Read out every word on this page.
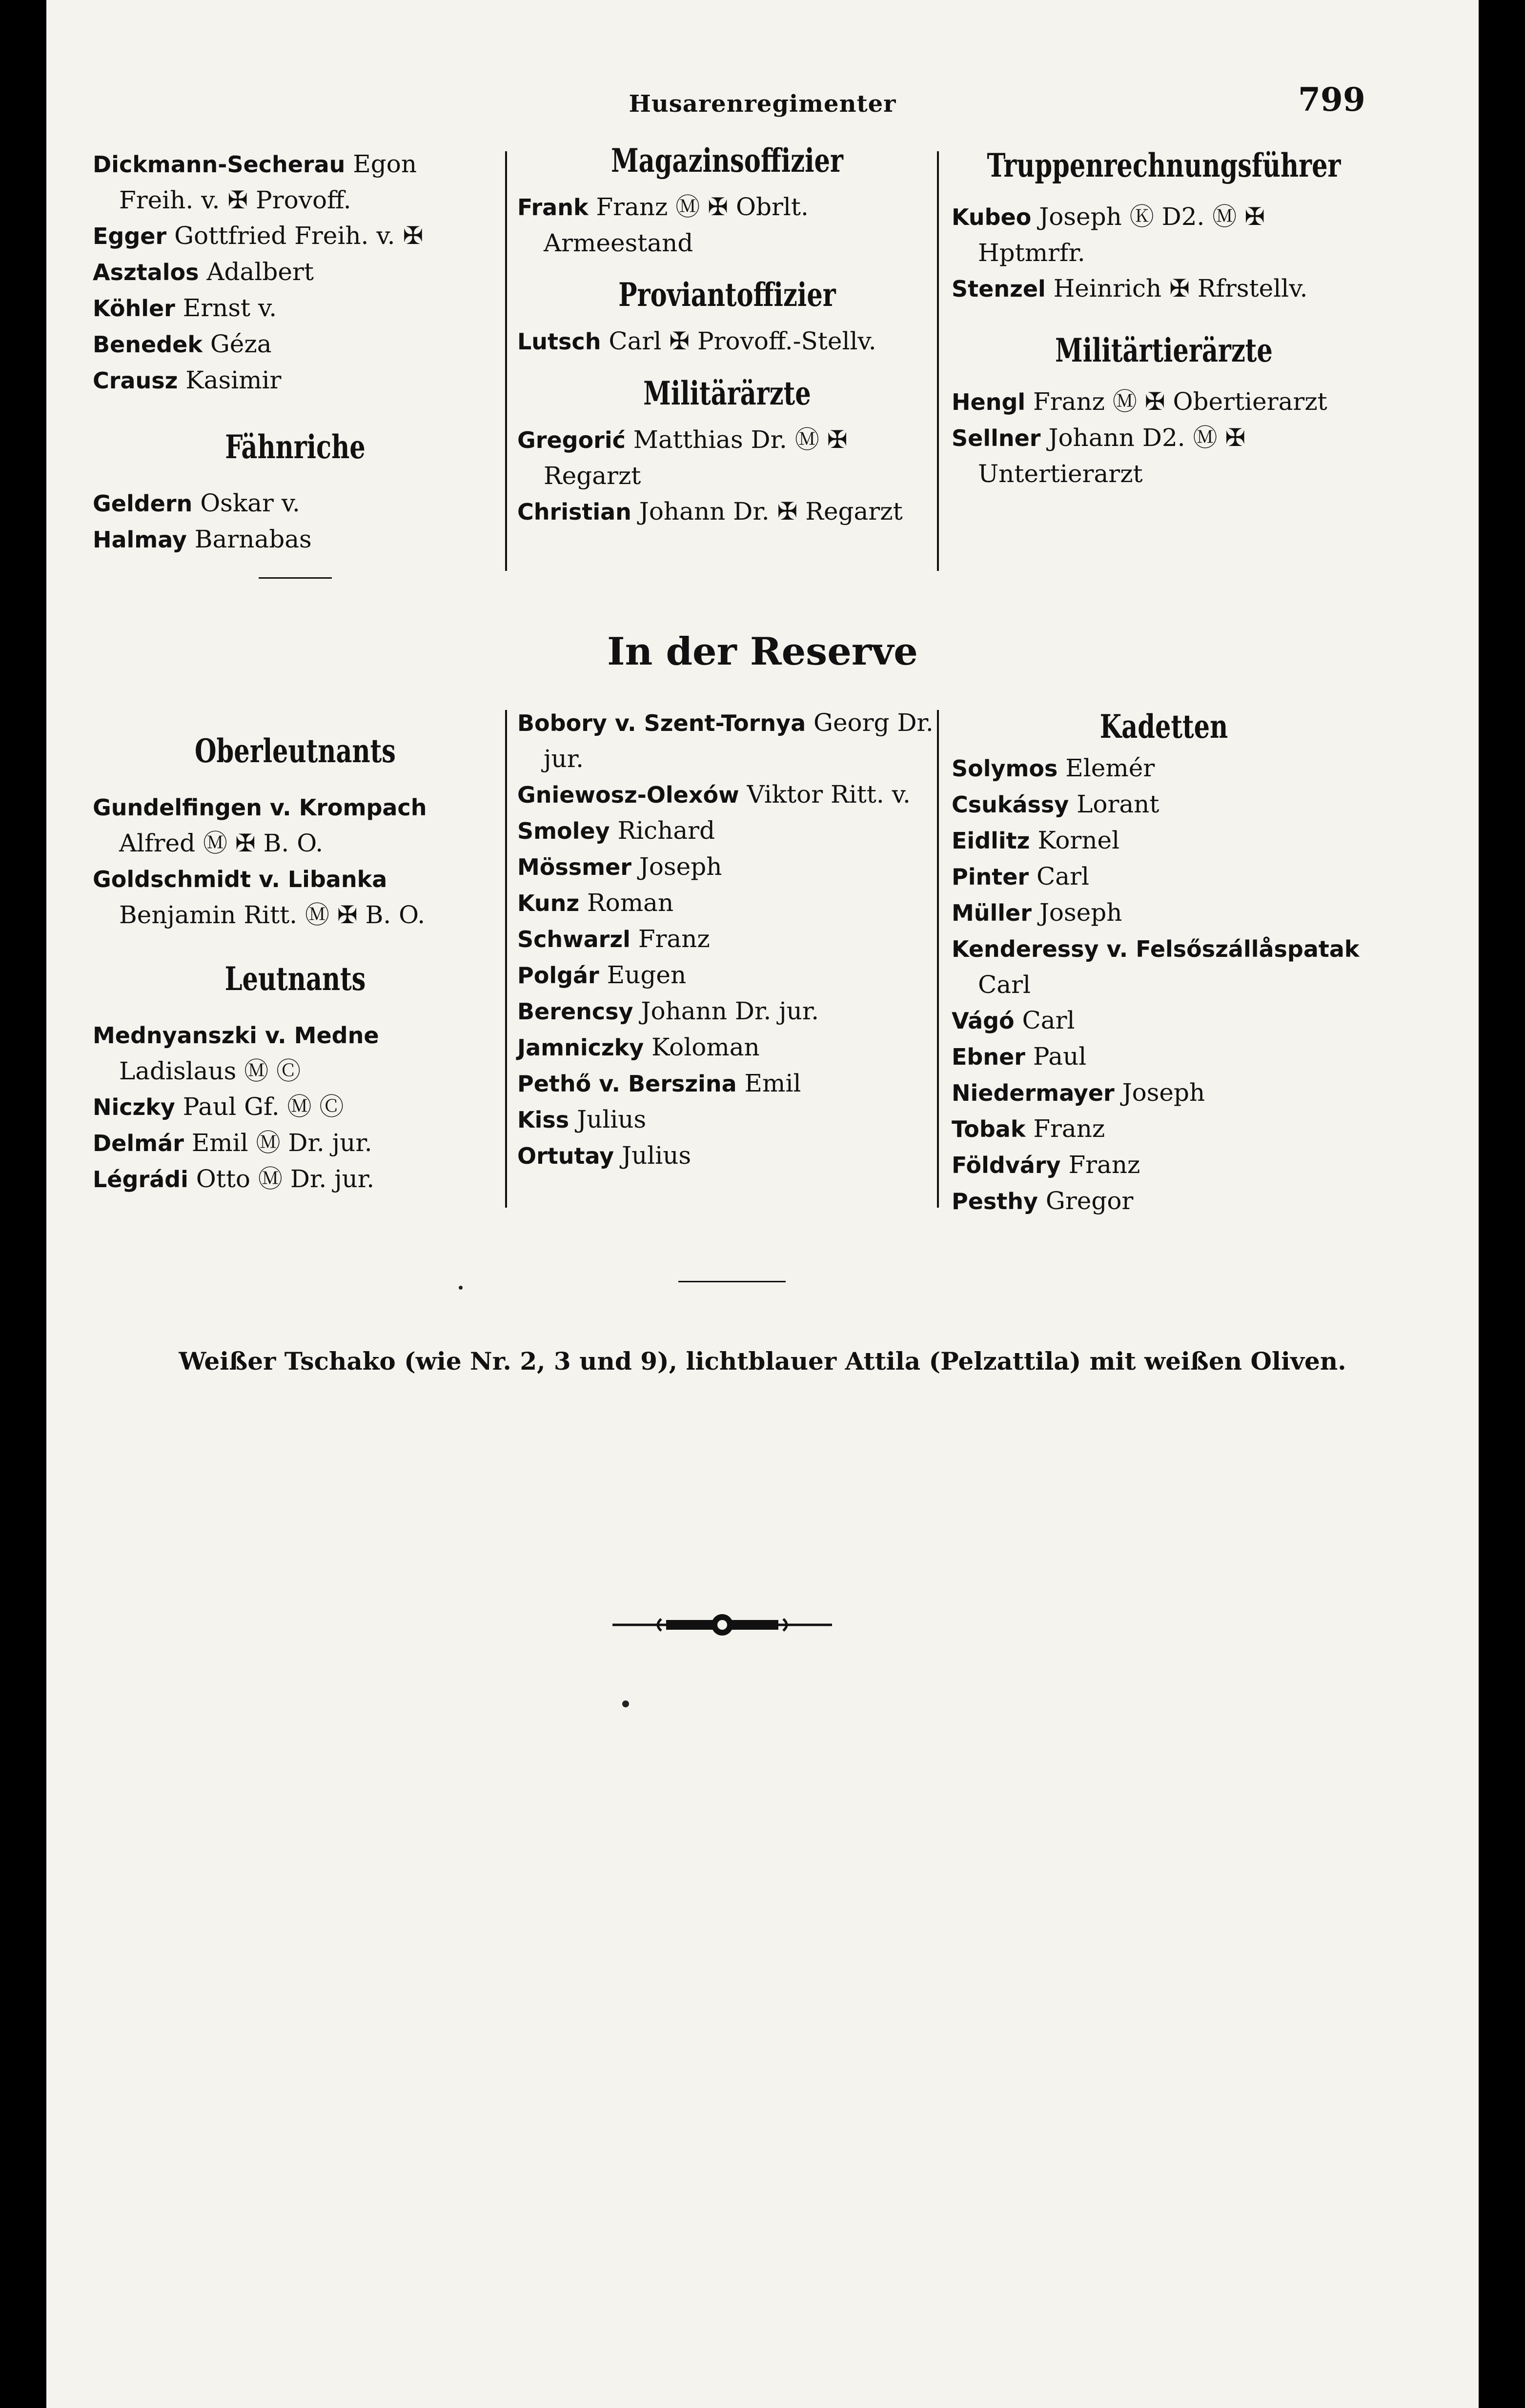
Husarenregimenter	799
Dickmann-Secherau Egon Freih. v. ✠ Provoff.
Egger Gottfried Freih. v. ✠
Asztalos Adalbert
Köhler Ernst v.
Benedek Géza
Crausz Kasimir
Fähnriche
Geldern Oskar v.
Halmay Barnabas
Magazinsoffizier
Frank Franz Ⓜ ✠ Obrlt. Armeestand
Proviantoffizier
Lutsch Carl ✠ Provoff.-Stellv.
Militärärzte
Gregorić Matthias Dr. Ⓜ ✠ Regarzt
Christian Johann Dr. ✠ Regarzt
Truppenrechnungsführer
Kubeo Joseph Ⓚ D2. Ⓜ ✠ Hptmrfr.
Stenzel Heinrich ✠ Rfrstellv.
Militärtierärzte
Hengl Franz Ⓜ ✠ Obertierarzt
Sellner Johann D2. Ⓜ ✠ Untertierarzt
In der Reserve
Oberleutnants
Gundelfingen v. Krompach Alfred Ⓜ ✠ B. O.
Goldschmidt v. Libanka Benjamin Ritt. Ⓜ ✠ B. O.
Leutnants
Mednyanszki v. Medne Ladislaus Ⓜ Ⓒ
Niczky Paul Gf. Ⓜ Ⓒ
Delmár Emil Ⓜ Dr. jur.
Légrádi Otto Ⓜ Dr. jur.
Bobory v. Szent-Tornya Georg Dr. jur.
Gniewosz-Olexów Viktor Ritt. v.
Smoley Richard
Mössmer Joseph
Kunz Roman
Schwarzl Franz
Polgár Eugen
Berencsy Johann Dr. jur.
Jamniczky Koloman
Pethő v. Berszina Emil
Kiss Julius
Ortutay Julius
Kadetten
Solymos Elemér
Csukássy Lorant
Eidlitz Kornel
Pinter Carl
Müller Joseph
Kenderessy v. Felsőszállåspatak Carl
Vágó Carl
Ebner Paul
Niedermayer Joseph
Tobak Franz
Földváry Franz
Pesthy Gregor
Weißer Tschako (wie Nr. 2, 3 und 9), lichtblauer Attila (Pelzattila) mit weißen Oliven.
